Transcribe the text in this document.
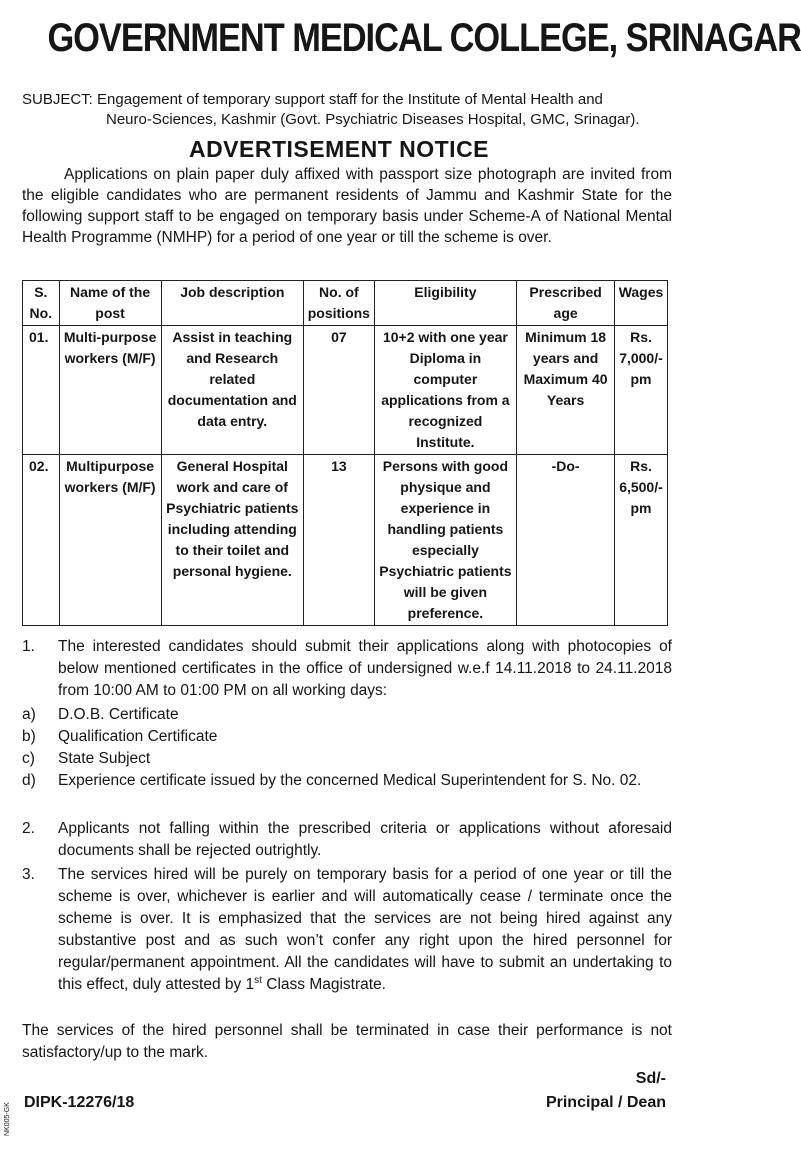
GOVERNMENT MEDICAL COLLEGE, SRINAGAR
SUBJECT: Engagement of temporary support staff for the Institute of Mental Health and
Neuro-Sciences, Kashmir (Govt. Psychiatric Diseases Hospital, GMC, Srinagar).
ADVERTISEMENT NOTICE
Applications on plain paper duly affixed with passport size photograph are invited from the eligible candidates who are permanent residents of Jammu and Kashmir State for the following support staff to be engaged on temporary basis under Scheme-A of National Mental Health Programme (NMHP) for a period of one year or till the scheme is over.
S. No.	Name of the post	Job description	No. of positions	Eligibility	Prescribed age	Wages
01.	Multi-purpose workers (M/F)	Assist in teaching and Research related documentation and data entry.	07	10+2 with one year Diploma in computer applications from a recognized Institute.	Minimum 18 years and Maximum 40 Years	Rs. 7,000/- pm
02.	Multipurpose workers (M/F)	General Hospital work and care of Psychiatric patients including attending to their toilet and personal hygiene.	13	Persons with good physique and experience in handling patients especially Psychiatric patients will be given preference.	-Do-	Rs. 6,500/- pm
1. The interested candidates should submit their applications along with photocopies of below mentioned certificates in the office of undersigned w.e.f 14.11.2018 to 24.11.2018 from 10:00 AM to 01:00 PM on all working days:
a) D.O.B. Certificate
b) Qualification Certificate
c) State Subject
d) Experience certificate issued by the concerned Medical Superintendent for S. No. 02.
2. Applicants not falling within the prescribed criteria or applications without aforesaid documents shall be rejected outrightly.
3. The services hired will be purely on temporary basis for a period of one year or till the scheme is over, whichever is earlier and will automatically cease / terminate once the scheme is over. It is emphasized that the services are not being hired against any substantive post and as such won’t confer any right upon the hired personnel for regular/permanent appointment. All the candidates will have to submit an undertaking to this effect, duly attested by 1st Class Magistrate.
The services of the hired personnel shall be terminated in case their performance is not satisfactory/up to the mark.
Sd/-
DIPK-12276/18	Principal / Dean
NK005-GK
